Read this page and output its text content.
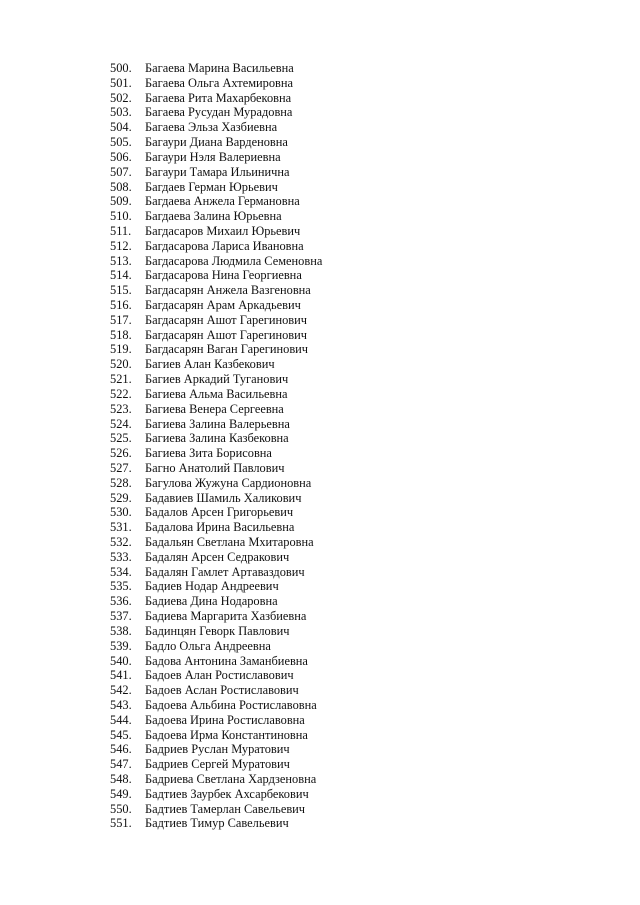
500.	Багаева Марина Васильевна
501.	Багаева Ольга Ахтемировна
502.	Багаева Рита Махарбековна
503.	Багаева Русудан Мурадовна
504.	Багаева Эльза Хазбиевна
505.	Багаури Диана Варденовна
506.	Багаури Нэля Валериевна
507.	Багаури Тамара Ильинична
508.	Багдаев Герман Юрьевич
509.	Багдаева Анжела Германовна
510.	Багдаева Залина Юрьевна
511.	Багдасаров Михаил Юрьевич
512.	Багдасарова Лариса Ивановна
513.	Багдасарова Людмила Семеновна
514.	Багдасарова Нина Георгиевна
515.	Багдасарян Анжела Вазгеновна
516.	Багдасарян Арам Аркадьевич
517.	Багдасарян Ашот Гарегинович
518.	Багдасарян Ашот Гарегинович
519.	Багдасарян Ваган Гарегинович
520.	Багиев Алан Казбекович
521.	Багиев Аркадий Туганович
522.	Багиева Альма Васильевна
523.	Багиева Венера Сергеевна
524.	Багиева Залина Валерьевна
525.	Багиева Залина Казбековна
526.	Багиева Зита Борисовна
527.	Багно Анатолий Павлович
528.	Багулова Жужуна Сардионовна
529.	Бадавиев Шамиль Халикович
530.	Бадалов Арсен Григорьевич
531.	Бадалова Ирина Васильевна
532.	Бадальян Светлана Мхитаровна
533.	Бадалян Арсен Седракович
534.	Бадалян Гамлет Артаваздович
535.	Бадиев Нодар Андреевич
536.	Бадиева Дина Нодаровна
537.	Бадиева Маргарита Хазбиевна
538.	Бадинцян Геворк Павлович
539.	Бадло Ольга Андреевна
540.	Бадова Антонина Заманбиевна
541.	Бадоев Алан Ростиславович
542.	Бадоев Аслан Ростиславович
543.	Бадоева Альбина Ростиславовна
544.	Бадоева Ирина Ростиславовна
545.	Бадоева Ирма Константиновна
546.	Бадриев Руслан Муратович
547.	Бадриев Сергей Муратович
548.	Бадриева Светлана Хардзеновна
549.	Бадтиев Заурбек Ахсарбекович
550.	Бадтиев Тамерлан Савельевич
551.	Бадтиев Тимур Савельевич
